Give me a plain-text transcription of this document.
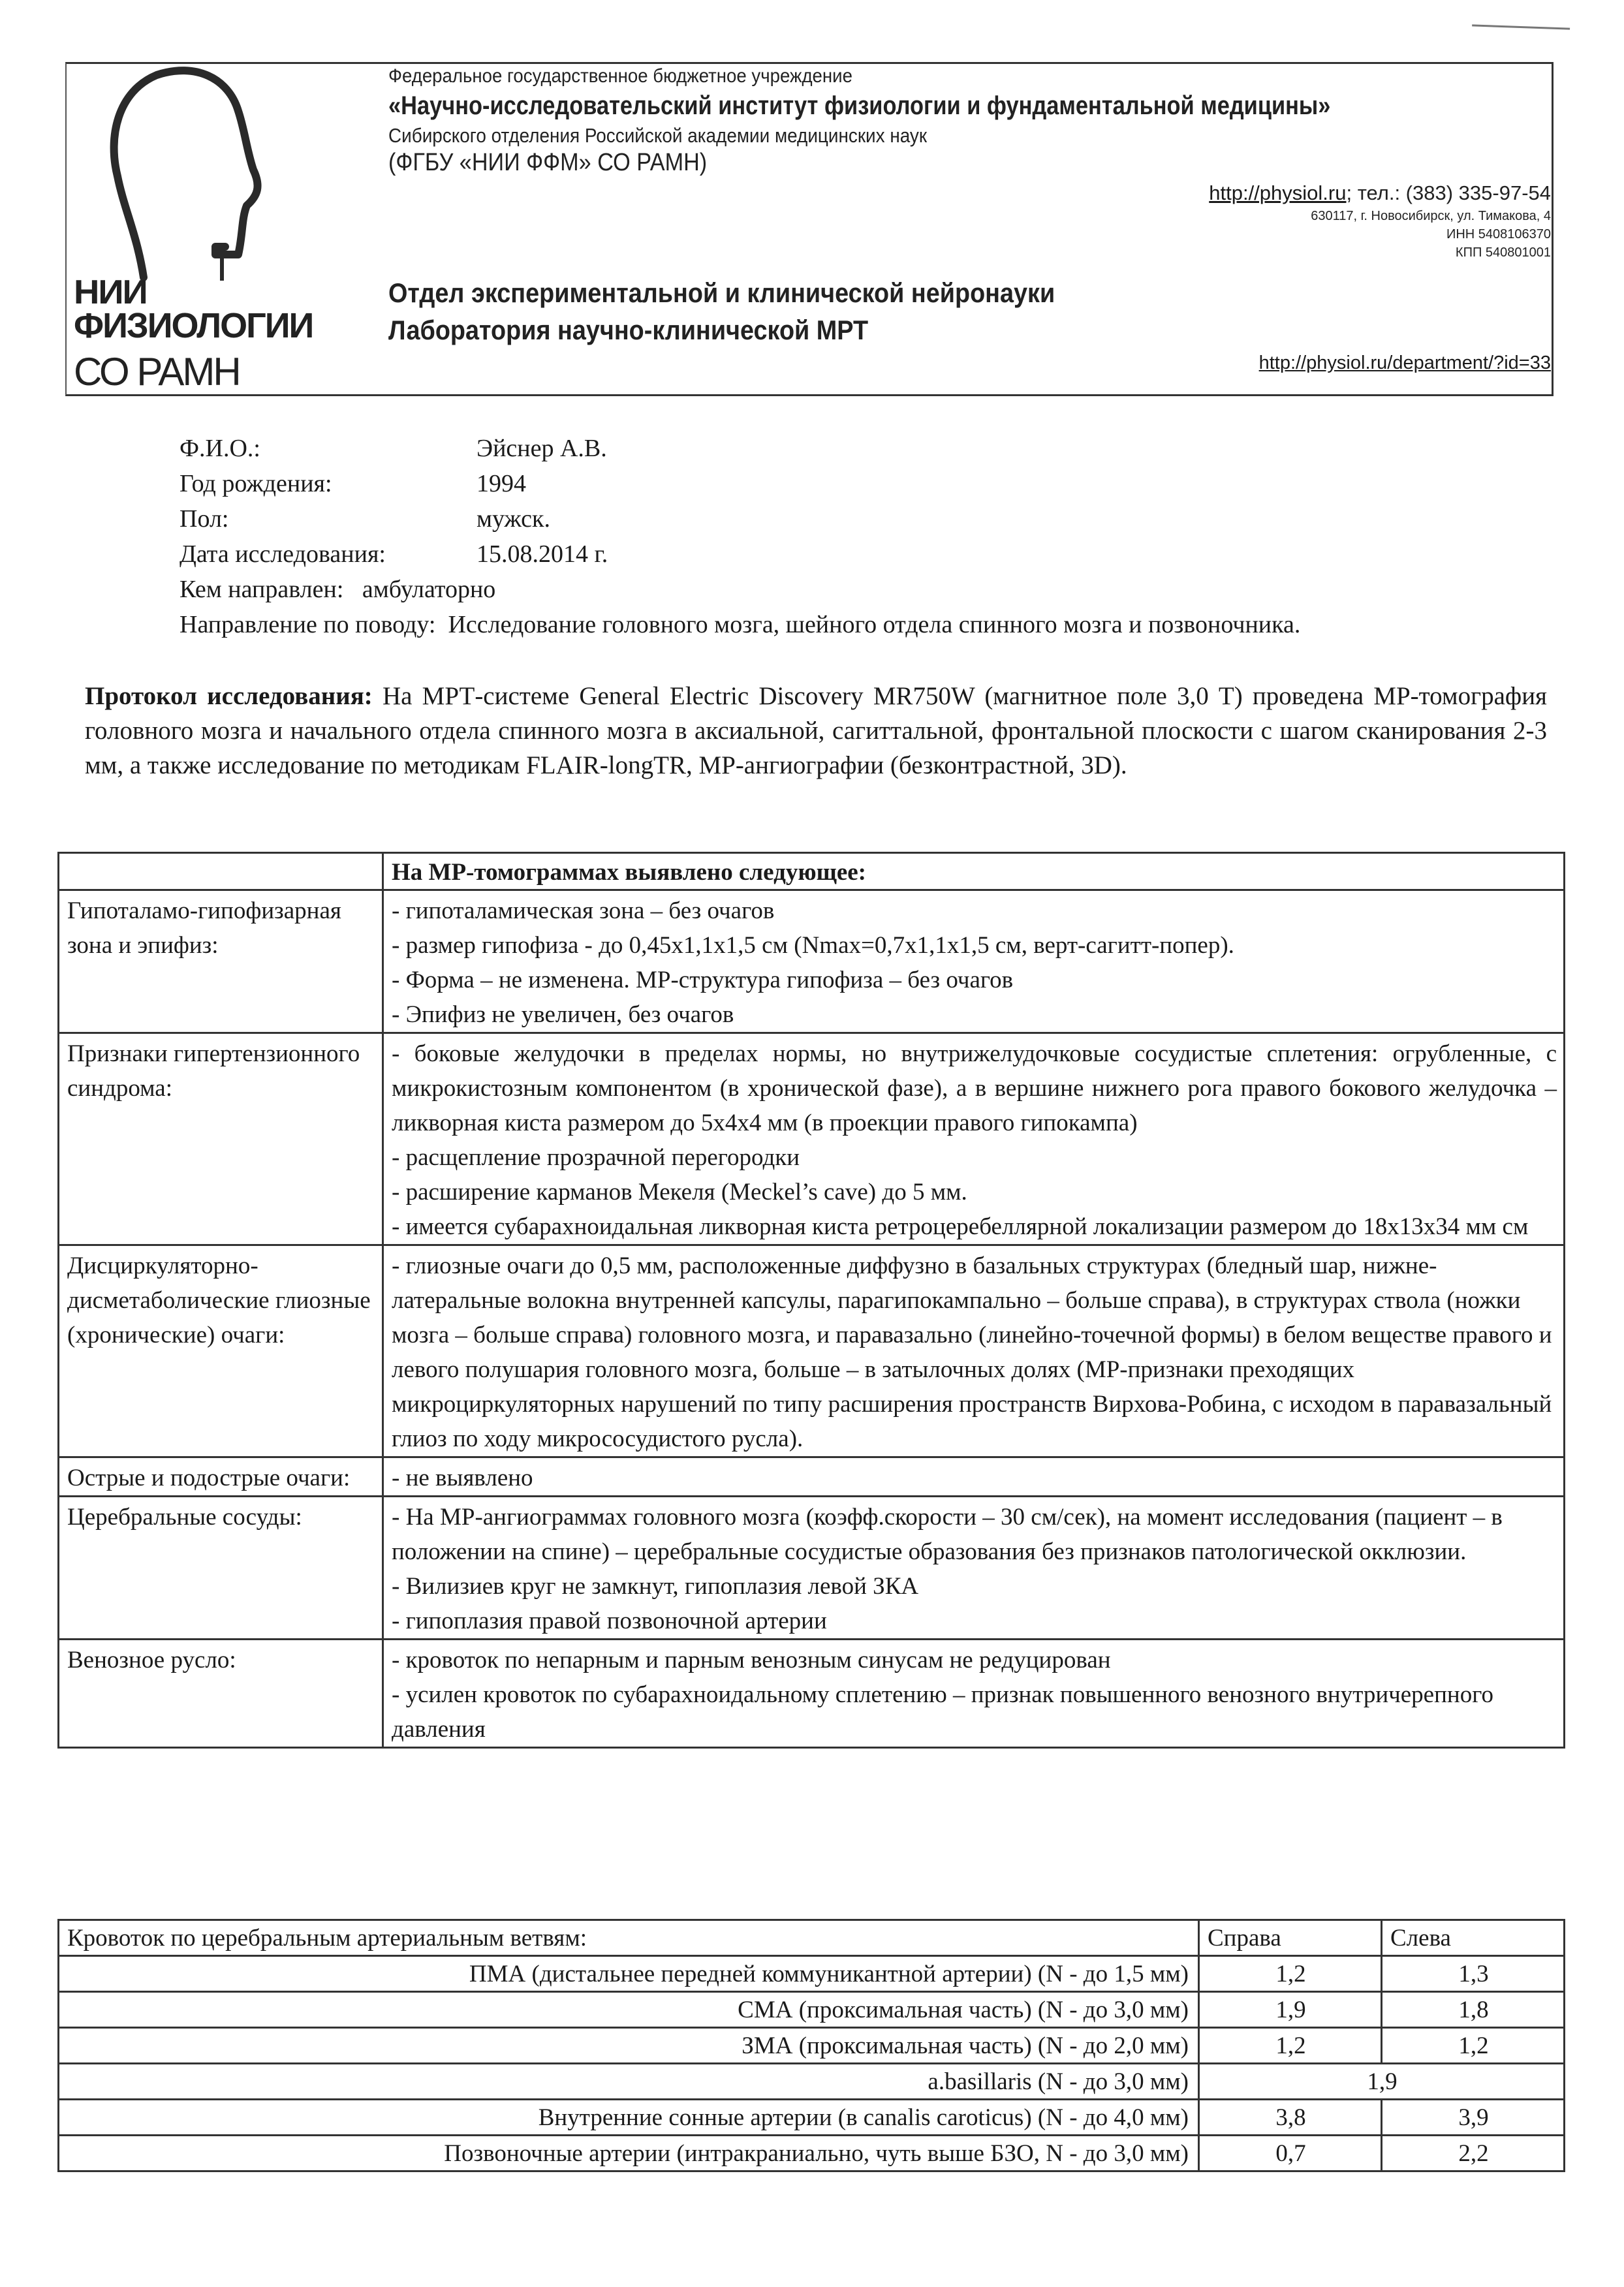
НИИ
ФИЗИОЛОГИИ
СО РАМН
Федеральное государственное бюджетное учреждение
«Научно-исследовательский институт физиологии и фундаментальной медицины»
Сибирского отделения Российской академии медицинских наук
(ФГБУ «НИИ ФФМ» СО РАМН)
http://physiol.ru; тел.: (383) 335-97-54
630117, г. Новосибирск, ул. Тимакова, 4
ИНН 5408106370
КПП 540801001
Отдел экспериментальной и клинической нейронауки
Лаборатория научно-клинической МРТ
http://physiol.ru/department/?id=33
Ф.И.О.:	Эйснер А.В.
Год рождения:	1994
Пол:	мужск.
Дата исследования:	15.08.2014 г.
Кем направлен: амбулаторно
Направление по поводу: Исследование головного мозга, шейного отдела спинного мозга и позвоночника.
Протокол исследования: На МРТ-системе General Electric Discovery MR750W (магнитное поле 3,0 Т) проведена МР-томография головного мозга и начального отдела спинного мозга в аксиальной, сагиттальной, фронтальной плоскости с шагом сканирования 2-3 мм, а также исследование по методикам FLAIR-longTR, МР-ангиографии (безконтрастной, 3D).
	На МР-томограммах выявлено следующее:
Гипоталамо-гипофизарная зона и эпифиз:	- гипоталамическая зона – без очагов
- размер гипофиза - до 0,45x1,1x1,5 см (Nmax=0,7x1,1x1,5 см, верт-сагитт-попер).
- Форма – не изменена. МР-структура гипофиза – без очагов
- Эпифиз не увеличен, без очагов

Признаки гипертензионного синдрома:	- боковые желудочки в пределах нормы, но внутрижелудочковые сосудистые сплетения: огрубленные, с микрокистозным компонентом (в хронической фазе), а в вершине нижнего рога правого бокового желудочка – ликворная киста размером до 5x4x4 мм (в проекции правого гипокампа)
- расщепление прозрачной перегородки
- расширение карманов Мекеля (Meckel’s cave) до 5 мм.
- имеется субарахноидальная ликворная киста ретроцеребеллярной локализации размером до 18x13x34 мм см

Дисциркуляторно-дисметаболические глиозные (хронические) очаги:	- глиозные очаги до 0,5 мм, расположенные диффузно в базальных структурах (бледный шар, нижне-латеральные волокна внутренней капсулы, парагипокампально – больше справа), в структурах ствола (ножки мозга – больше справа) головного мозга, и паравазально (линейно-точечной формы) в белом веществе правого и левого полушария головного мозга, больше – в затылочных долях (МР-признаки преходящих микроциркуляторных нарушений по типу расширения пространств Вирхова-Робина, с исходом в паравазальный глиоз по ходу микрососудистого русла).

Острые и подострые очаги:	- не выявлено

Церебральные сосуды:	- На МР-ангиограммах головного мозга (коэфф.скорости – 30 см/сек), на момент исследования (пациент – в положении на спине) – церебральные сосудистые образования без признаков патологической окклюзии.
- Вилизиев круг не замкнут, гипоплазия левой ЗКА
- гипоплазия правой позвоночной артерии

Венозное русло:	- кровоток по непарным и парным венозным синусам не редуцирован
- усилен кровоток по субарахноидальному сплетению – признак повышенного венозного внутричерепного давления
Кровоток по церебральным артериальным ветвям:	Справа	Слева
ПМА (дистальнее передней коммуникантной артерии) (N - до 1,5 мм)	1,2	1,3
СМА (проксимальная часть) (N - до 3,0 мм)	1,9	1,8
ЗМА (проксимальная часть) (N - до 2,0 мм)	1,2	1,2
a.basillaris (N - до 3,0 мм)	1,9	
Внутренние сонные артерии (в canalis caroticus) (N - до 4,0 мм)	3,8	3,9
Позвоночные артерии (интракраниально, чуть выше БЗО, N - до 3,0 мм)	0,7	2,2
